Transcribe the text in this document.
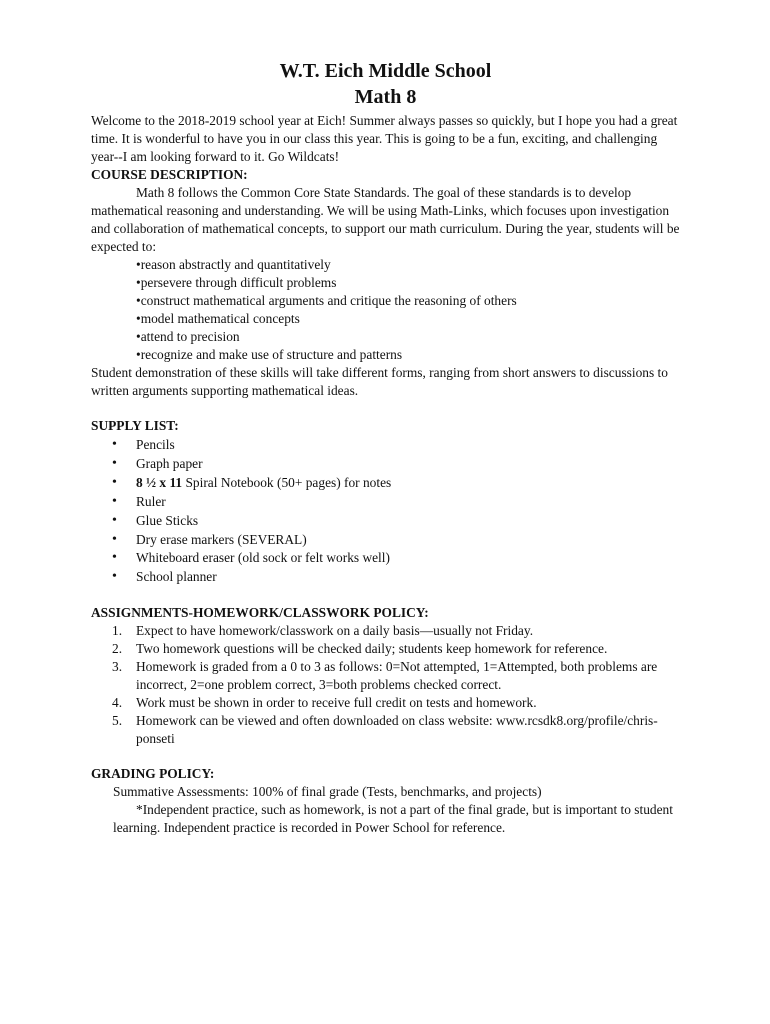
W.T. Eich Middle School
Math 8

Welcome to the 2018-2019 school year at Eich! Summer always passes so quickly, but I hope you had a great time. It is wonderful to have you in our class this year. This is going to be a fun, exciting, and challenging year--I am looking forward to it. Go Wildcats!

COURSE DESCRIPTION:

Math 8 follows the Common Core State Standards. The goal of these standards is to develop mathematical reasoning and understanding. We will be using Math-Links, which focuses upon investigation and collaboration of mathematical concepts, to support our math curriculum. During the year, students will be expected to:

•reason abstractly and quantitatively
•persevere through difficult problems
•construct mathematical arguments and critique the reasoning of others
•model mathematical concepts
•attend to precision
•recognize and make use of structure and patterns

Student demonstration of these skills will take different forms, ranging from short answers to discussions to written arguments supporting mathematical ideas.

SUPPLY LIST:

• Pencils
• Graph paper
• 8 ½ x 11 Spiral Notebook (50+ pages) for notes
• Ruler
• Glue Sticks
• Dry erase markers (SEVERAL)
• Whiteboard eraser (old sock or felt works well)
• School planner

ASSIGNMENTS-HOMEWORK/CLASSWORK POLICY:

1. Expect to have homework/classwork on a daily basis—usually not Friday.
2. Two homework questions will be checked daily; students keep homework for reference.
3. Homework is graded from a 0 to 3 as follows: 0=Not attempted, 1=Attempted, both problems are incorrect, 2=one problem correct, 3=both problems checked correct.
4. Work must be shown in order to receive full credit on tests and homework.
5. Homework can be viewed and often downloaded on class website: www.rcsdk8.org/profile/chris-ponseti

GRADING POLICY:

Summative Assessments: 100% of final grade (Tests, benchmarks, and projects)

*Independent practice, such as homework, is not a part of the final grade, but is important to student learning. Independent practice is recorded in Power School for reference.
